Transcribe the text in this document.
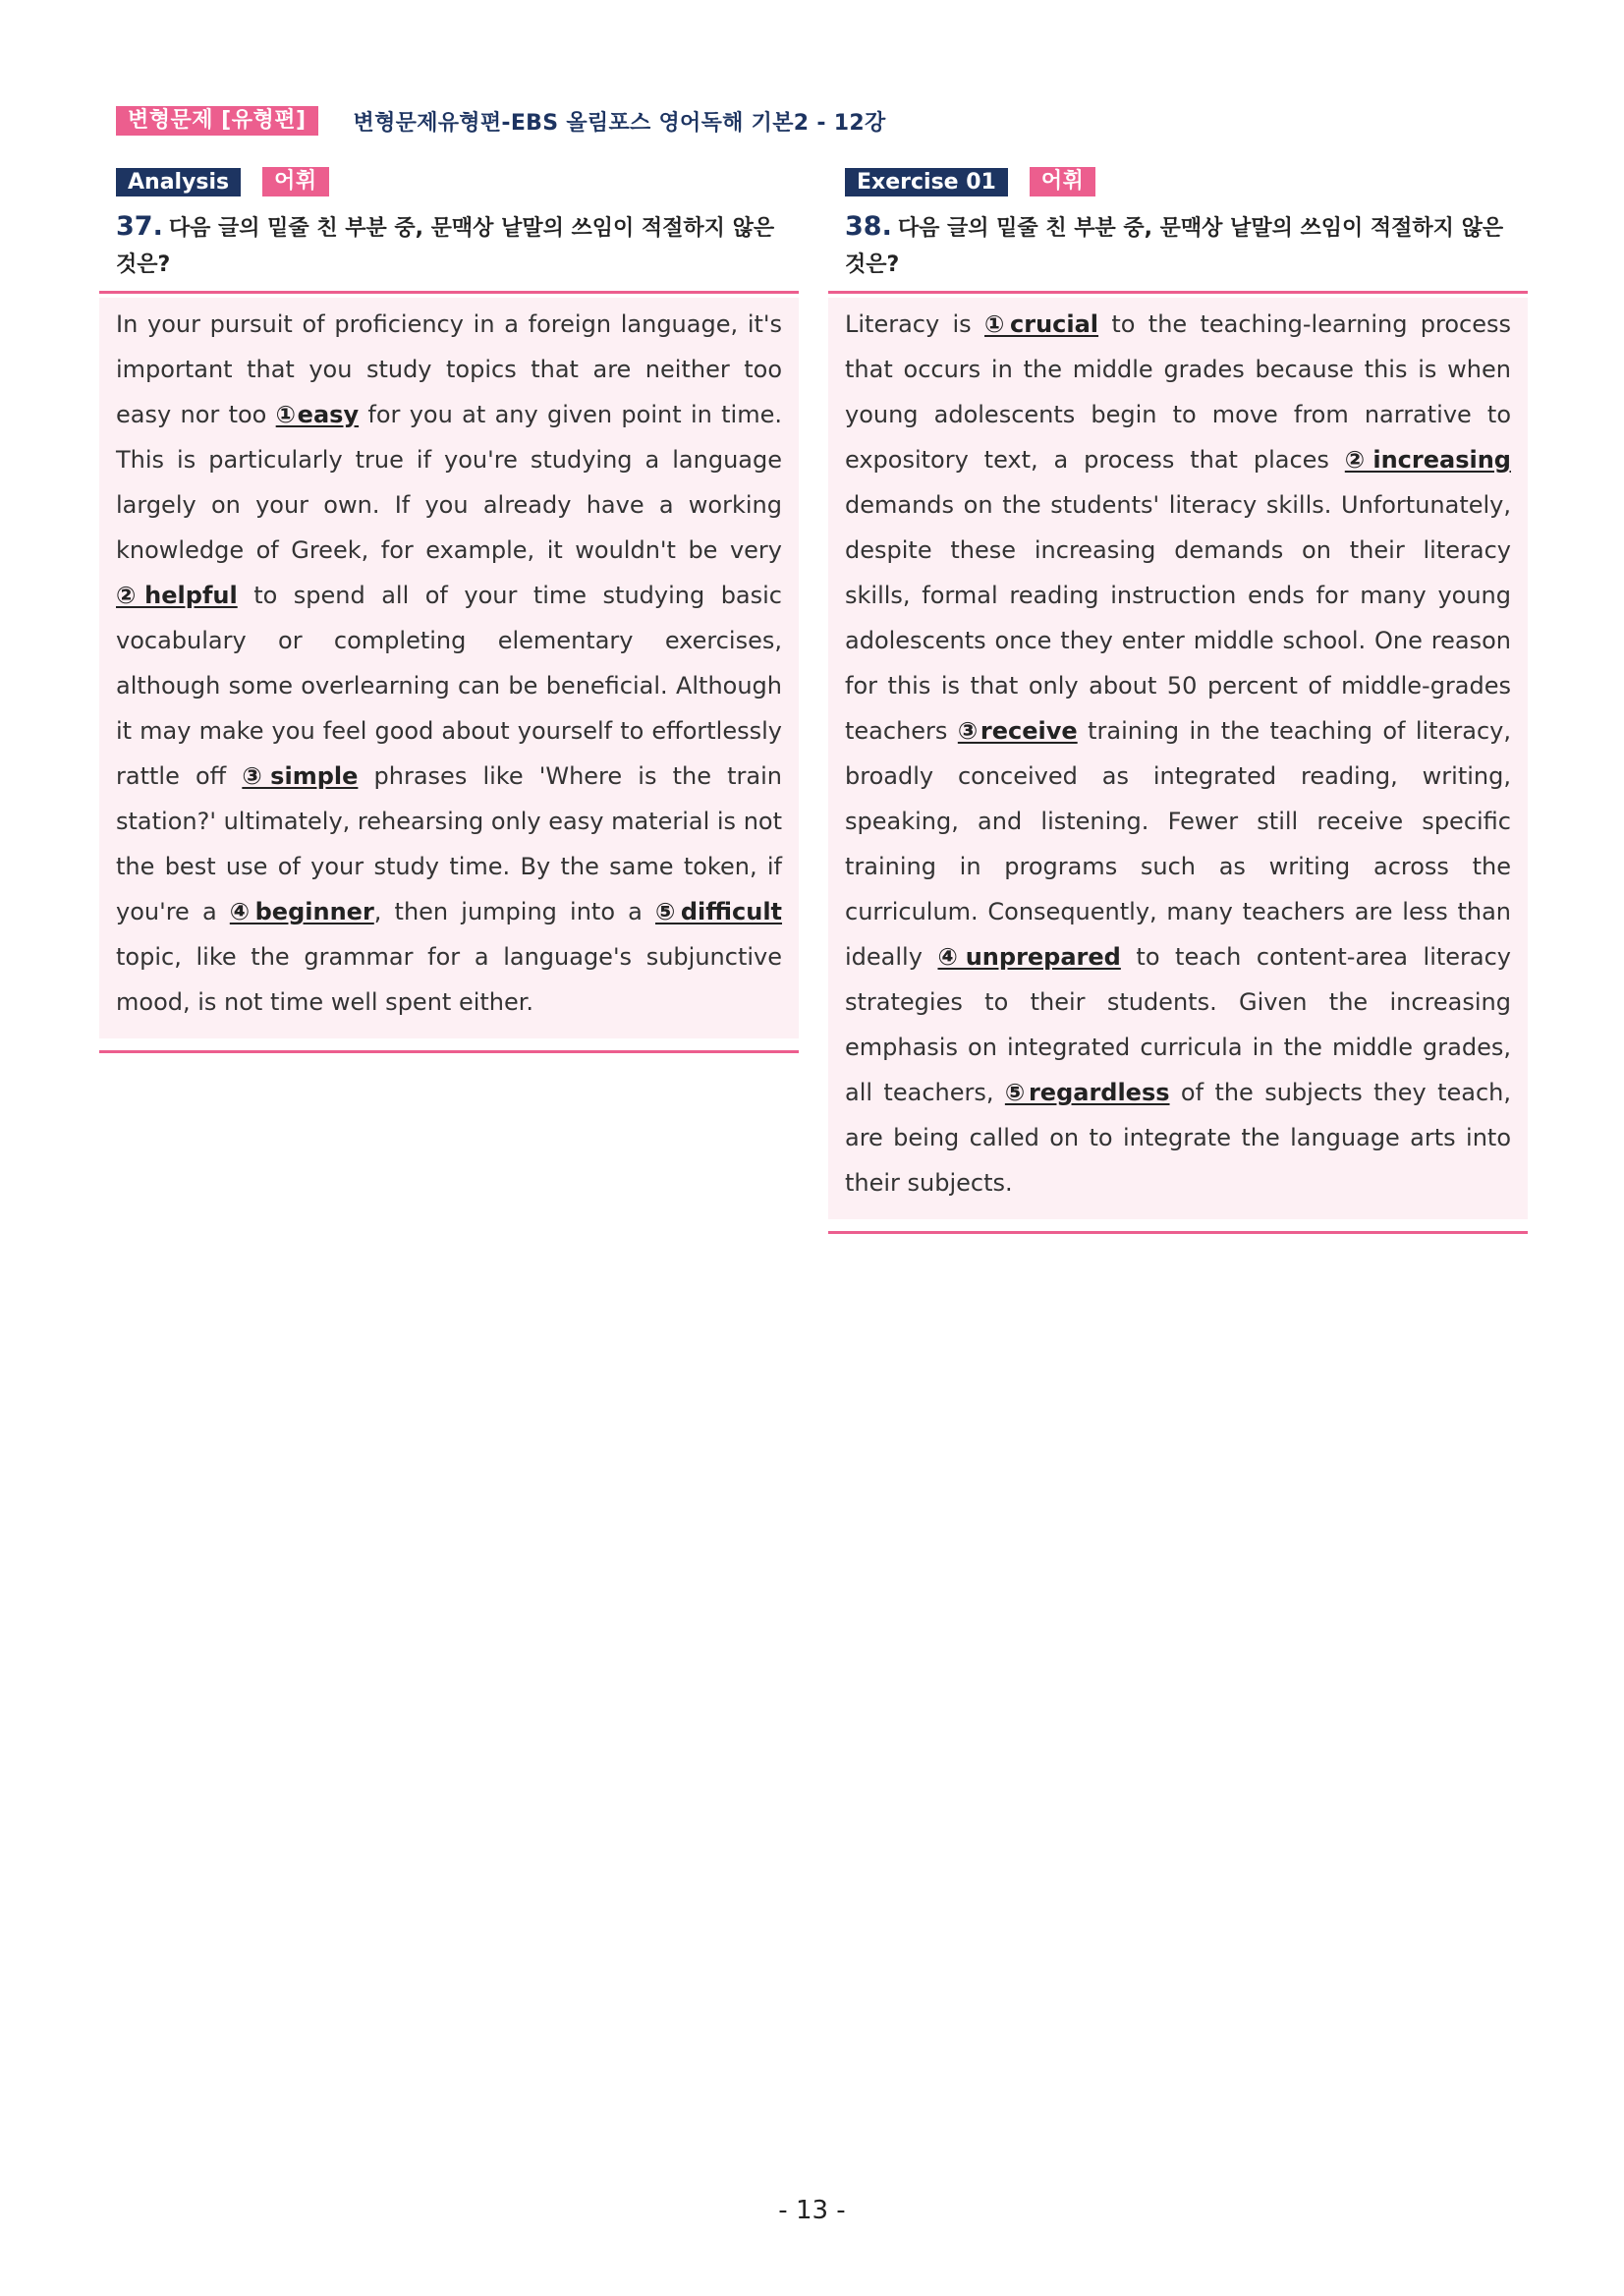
변형문제 [유형편]	변형문제유형편-EBS 올림포스 영어독해 기본2 - 12강
Analysis	어휘
37. 다음 글의 밑줄 친 부분 중, 문맥상 낱말의 쓰임이 적절하지 않은 것은?

In your pursuit of proficiency in a foreign language, it's important that you study topics that are neither too easy nor too ①easy for you at any given point in time. This is particularly true if you're studying a language largely on your own. If you already have a working knowledge of Greek, for example, it wouldn't be very ②helpful to spend all of your time studying basic vocabulary or completing elementary exercises, although some overlearning can be beneficial. Although it may make you feel good about yourself to effortlessly rattle off ③simple phrases like 'Where is the train station?' ultimately, rehearsing only easy material is not the best use of your study time. By the same token, if you're a ④beginner, then jumping into a ⑤difficult topic, like the grammar for a language's subjunctive mood, is not time well spent either.

Exercise 01	어휘
38. 다음 글의 밑줄 친 부분 중, 문맥상 낱말의 쓰임이 적절하지 않은 것은?

Literacy is ①crucial to the teaching-learning process that occurs in the middle grades because this is when young adolescents begin to move from narrative to expository text, a process that places ②increasing demands on the students' literacy skills. Unfortunately, despite these increasing demands on their literacy skills, formal reading instruction ends for many young adolescents once they enter middle school. One reason for this is that only about 50 percent of middle-grades teachers ③receive training in the teaching of literacy, broadly conceived as integrated reading, writing, speaking, and listening. Fewer still receive specific training in programs such as writing across the curriculum. Consequently, many teachers are less than ideally ④unprepared to teach content-area literacy strategies to their students. Given the increasing emphasis on integrated curricula in the middle grades, all teachers, ⑤regardless of the subjects they teach, are being called on to integrate the language arts into their subjects.

- 13 -
